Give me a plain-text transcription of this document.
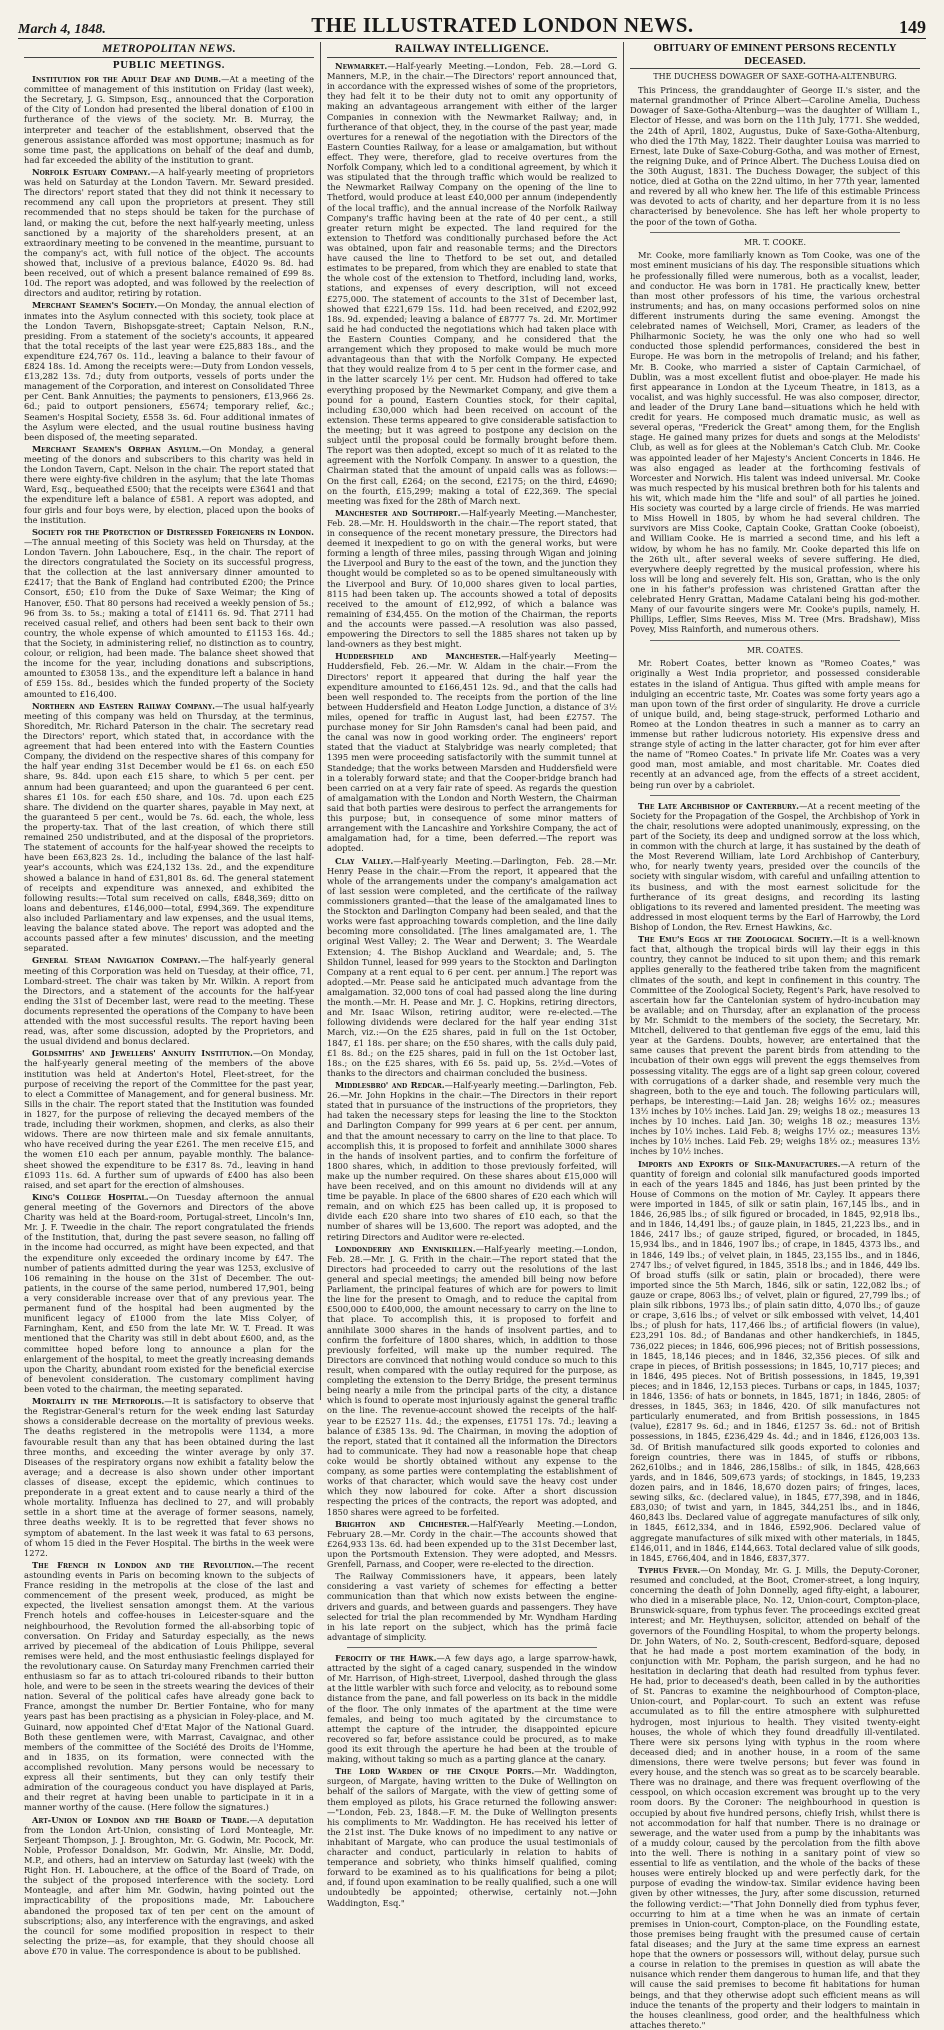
March 4, 1848.	THE ILLUSTRATED LONDON NEWS.	149
METROPOLITAN NEWS.
PUBLIC MEETINGS.

Institution for the Adult Deaf and Dumb.—At a meeting of the committee of management of this institution on Friday (last week), the Secretary, J. G. Simpson, Esq., announced that the Corporation of the City of London had presented the liberal donation of £100 in furtherance of the views of the society. Mr. B. Murray, the interpreter and teacher of the establishment, observed that the generous assistance afforded was most opportune; inasmuch as for some time past, the applications on behalf of the deaf and dumb, had far exceeded the ability of the institution to grant.

Norfolk Estuary Company.—A half-yearly meeting of proprietors was held on Saturday at the London Tavern. Mr. Seward presided. The directors' report stated that they did not think it necessary to recommend any call upon the proprietors at present. They still recommended that no steps should be taken for the purchase of land, or making the cut, before the next half-yearly meeting, unless sanctioned by a majority of the shareholders present, at an extraordinary meeting to be convened in the meantime, pursuant to the company's act, with full notice of the object. The accounts showed that, inclusive of a previous balance, £4020 9s. 8d. had been received, out of which a present balance remained of £99 8s. 10d. The report was adopted, and was followed by the reelection of directors and auditor, retiring by rotation.

Merchant Seamen's Society.—On Monday, the annual election of inmates into the Asylum connected with this society, took place at the London Tavern, Bishopsgate-street; Captain Nelson, R.N., presiding. From a statement of the society's accounts, it appeared that the total receipts of the last year were £25,883 18s., and the expenditure £24,767 0s. 11d., leaving a balance to their favour of £824 18s. 1d. Among the receipts were:—Duty from London vessels, £13,282 13s. 7d.; duty from outports, vessels of ports under the management of the Corporation, and interest on Consolidated Three per Cent. Bank Annuities; the payments to pensioners, £13,966 2s. 6d.; paid to outport pensioners, £5674; temporary relief, &c.; Seamen's Hospital Society, £558 3s. 6d. Four additional inmates of the Asylum were elected, and the usual routine business having been disposed of, the meeting separated.

Merchant Seamen's Orphan Asylum.—On Monday, a general meeting of the donors and subscribers to this charity was held in the London Tavern, Capt. Nelson in the chair. The report stated that there were eighty-five children in the asylum; that the late Thomas Ward, Esq., bequeathed £500; that the receipts were £3641 and that the expenditure left a balance of £581. A report was adopted, and four girls and four boys were, by election, placed upon the books of the institution.

Society for the Protection of Distressed Foreigners in London.—The annual meeting of this Society was held on Thursday, at the London Tavern. John Labouchere, Esq., in the chair. The report of the directors congratulated the Society on its successful progress, that the collection at the last anniversary dinner amounted to £2417; that the Bank of England had contributed £200; the Prince Consort, £50; £10 from the Duke of Saxe Weimar; the King of Hanover, £50. That 80 persons had received a weekly pension of 5s.; 96 from 3s. to 5s.; making a total of £1411 6s. 9d. That 2711 had received casual relief, and others had been sent back to their own country, the whole expense of which amounted to £1153 16s. 4d.; that the Society, in administering relief, no distinction as to country, colour, or religion, had been made. The balance sheet showed that the income for the year, including donations and subscriptions, amounted to £3058 13s., and the expenditure left a balance in hand of £59 15s. 8d., besides which the funded property of the Society amounted to £16,400.

Northern and Eastern Railway Company.—The usual half-yearly meeting of this company was held on Thursday, at the terminus, Shoreditch, Mr. Richard Paterson in the chair. The secretary read the Directors' report, which stated that, in accordance with the agreement that had been entered into with the Eastern Counties Company, the dividend on the respective shares of this company for the half year ending 31st December would be £1 6s. on each £50 share, 9s. 84d. upon each £15 share, to which 5 per cent. per annum had been guaranteed; and upon the guaranteed 6 per cent. shares £1 10s. for each £50 share, and 10s. 7d. upon each £25 share. The dividend on the quarter shares, payable in May next, at the guaranteed 5 per cent., would be 7s. 6d. each, the whole, less the property-tax. That of the last creation, of which there still remained 250 undistributed, and at the disposal of the proprietors. The statement of accounts for the half-year showed the receipts to have been £63,823 2s. 1d., including the balance of the last half-year's accounts, which was £24,132 13s. 2d., and the expenditure showed a balance in hand of £31,801 8s. 6d. The general statement of receipts and expenditure was annexed, and exhibited the following results:—Total sum received on calls, £848,369; ditto on loans and debentures, £146,000—total, £994,369. The expenditure also included Parliamentary and law expenses, and the usual items, leaving the balance stated above. The report was adopted and the accounts passed after a few minutes' discussion, and the meeting separated.

General Steam Navigation Company.—The half-yearly general meeting of this Corporation was held on Tuesday, at their office, 71, Lombard-street. The chair was taken by Mr. Wilkin. A report from the Directors, and a statement of the accounts for the half-year ending the 31st of December last, were read to the meeting. These documents represented the operations of the Company to have been attended with the most successful results. The report having been read, was, after some discussion, adopted by the Proprietors, and the usual dividend and bonus declared.

Goldsmiths' and Jewellers' Annuity Institution.—On Monday, the half-yearly general meeting of the members of the above institution was held at Anderton's Hotel, Fleet-street, for the purpose of receiving the report of the Committee for the past year, to elect a Committee of Management, and for general business. Mr. Sills in the chair. The report stated that the Institution was founded in 1827, for the purpose of relieving the decayed members of the trade, including their workmen, shopmen, and clerks, as also their widows. There are now thirteen male and six female annuitants, who have received during the year £261. The men receive £15, and the women £10 each per annum, payable monthly. The balance-sheet showed the expenditure to be £317 8s. 7d., leaving in hand £1093 11s. 6d. A further sum of upwards of £400 has also been raised, and set apart for the erection of almshouses.

King's College Hospital.—On Tuesday afternoon the annual general meeting of the Governors and Directors of the above Charity was held at the Board-room, Portugal-street, Lincoln's Inn, Mr. J. F. Tweedie in the chair. The report congratulated the friends of the Institution, that, during the past severe season, no falling off in the income had occurred, as might have been expected, and that the expenditure only exceeded the ordinary income by £47. The number of patients admitted during the year was 1253, exclusive of 106 remaining in the house on the 31st of December. The out-patients, in the course of the same period, numbered 17,901, being a very considerable increase over that of any previous year. The permanent fund of the hospital had been augmented by the munificent legacy of £1000 from the late Miss Colyer, of Farningham, Kent, and £50 from the late Mr. W. T. Fread. It was mentioned that the Charity was still in debt about £600, and, as the committee hoped before long to announce a plan for the enlargement of the hospital, to meet the greatly increasing demands upon the Charity, abundant room existed for the beneficial exercise of benevolent consideration. The customary compliment having been voted to the chairman, the meeting separated.

Mortality in the Metropolis.—It is satisfactory to observe that the Registrar-General's return for the week ending last Saturday shows a considerable decrease on the mortality of previous weeks. The deaths registered in the metropolis were 1134, a more favourable result than any that has been obtained during the last three months, and exceeding the winter average by only 37. Diseases of the respiratory organs now exhibit a fatality below the average; and a decrease is also shown under other important classes of disease, except the epidemic, which continues to preponderate in a great extent and to cause nearly a third of the whole mortality. Influenza has declined to 27, and will probably settle in a short time at the average of former seasons, namely, three deaths weekly. It is to be regretted that fever shows no symptom of abatement. In the last week it was fatal to 63 persons, of whom 15 died in the Fever Hospital. The births in the week were 1272.

The French in London and the Revolution.—The recent astounding events in Paris on becoming known to the subjects of France residing in the metropolis at the close of the last and commencement of the present week, produced, as might be expected, the liveliest sensation amongst them. At the various French hotels and coffee-houses in Leicester-square and the neighbourhood, the Revolution formed the all-absorbing topic of conversation. On Friday and Saturday especially, as the news arrived by piecemeal of the abdication of Louis Philippe, several remises were held, and the most enthusiastic feelings displayed for the revolutionary cause. On Saturday many Frenchmen carried their enthusiasm so far as to attach tri-coloured ribands to their button hole, and were to be seen in the streets wearing the devices of their nation. Several of the political cafes have already gone back to France, amongst the number Dr. Bertier Fontaine, who for many years past has been practising as a physician in Foley-place, and M. Guinard, now appointed Chef d'Etat Major of the National Guard. Both these gentlemen were, with Marrast, Cavaignac, and other members of the committee of the Société des Droits de l'Homme, and in 1835, on its formation, were connected with the accomplished revolution. Many persons would be necessary to express all their sentiments, but they can only testify their admiration of the courageous conduct you have displayed at Paris, and their regret at having been unable to participate in it in a manner worthy of the cause. (Here follow the signatures.)

Art-Union of London and the Board of Trade.—A deputation from the London Art-Union, consisting of Lord Monteagle, Mr. Serjeant Thompson, J. J. Broughton, Mr. G. Godwin, Mr. Pocock, Mr. Noble, Professor Donaldson, Mr. Godwin, Mr. Ainslie, Mr. Dodd, M.P., and others, had an interview on Saturday last (week) with the Right Hon. H. Labouchere, at the office of the Board of Trade, on the subject of the proposed interference with the society. Lord Monteagle, and after him Mr. Godwin, having pointed out the impracticability of the propositions made, Mr. Labouchere abandoned the proposed tax of ten per cent on the amount of subscriptions; also, any interference with the engravings, and asked the council for some modified proposition in respect to their selecting the prize—as, for example, that they should choose all above £70 in value. The correspondence is about to be published.

RAILWAY INTELLIGENCE.

Newmarket.—Half-yearly Meeting.—London, Feb. 28.—Lord G. Manners, M.P., in the chair.—The Directors' report announced that, in accordance with the expressed wishes of some of the proprietors, they had felt it to be their duty not to omit any opportunity of making an advantageous arrangement with either of the larger Companies in connexion with the Newmarket Railway; and, in furtherance of that object, they, in the course of the past year, made overtures for a renewal of the negotiation with the Directors of the Eastern Counties Railway, for a lease or amalgamation, but without effect. They were, therefore, glad to receive overtures from the Norfolk Company, which led to a conditional agreement, by which it was stipulated that the through traffic which would be realized to the Newmarket Railway Company on the opening of the line to Thetford, would produce at least £40,000 per annum (independently of the local traffic), and the annual increase of the Norfolk Railway Company's traffic having been at the rate of 40 per cent., a still greater return might be expected. The land required for the extension to Thetford was conditionally purchased before the Act was obtained, upon fair and reasonable terms; and the Directors have caused the line to Thetford to be set out, and detailed estimates to be prepared, from which they are enabled to state that the whole cost of the extension to Thetford, including land, works, stations, and expenses of every description, will not exceed £275,000. The statement of accounts to the 31st of December last, showed that £221,679 15s. 11d. had been received, and £202,992 18s. 9d. expended; leaving a balance of £8777 7s. 2d. Mr. Mortimer said he had conducted the negotiations which had taken place with the Eastern Counties Company, and he considered that the arrangement which they proposed to make would be much more advantageous than that with the Norfolk Company. He expected that they would realize from 4 to 5 per cent in the former case, and in the latter scarcely 1½ per cent. Mr. Hudson had offered to take everything proposed by the Newmarket Company, and give them a pound for a pound, Eastern Counties stock, for their capital, including £30,000 which had been received on account of the extension. These terms appeared to give considerable satisfaction to the meeting; but it was agreed to postpone any decision on the subject until the proposal could be formally brought before them. The report was then adopted, except so much of it as related to the agreement with the Norfolk Company. In answer to a question, the Chairman stated that the amount of unpaid calls was as follows:—On the first call, £264; on the second, £2175; on the third, £4690; on the fourth, £15,299; making a total of £22,369. The special meeting was fixed for the 28th of March next.

Manchester and Southport.—Half-yearly Meeting.—Manchester, Feb. 28.—Mr. H. Houldsworth in the chair.—The report stated, that in consequence of the recent monetary pressure, the Directors had deemed it inexpedient to go on with the general works, but were forming a length of three miles, passing through Wigan and joining the Liverpool and Bury to the east of the town, and the junction they thought would be completed so as to be opened simultaneously with the Liverpool and Bury. Of 10,000 shares given to local parties, 8115 had been taken up. The accounts showed a total of deposits received to the amount of £12,992, of which a balance was remaining of £34,455. On the motion of the Chairman, the reports and the accounts were passed.—A resolution was also passed, empowering the Directors to sell the 1885 shares not taken up by land-owners as they best might.

Huddersfield and Manchester.—Half-yearly Meeting—Huddersfield, Feb. 26.—Mr. W. Aldam in the chair.—From the Directors' report it appeared that during the half year the expenditure amounted to £166,451 12s. 9d., and that the calls had been well responded to. The receipts from the portion of the line between Huddersfield and Heaton Lodge Junction, a distance of 3½ miles, opened for traffic in August last, had been £2757. The purchase money for Sir John Ramsden's canal had been paid, and the canal was now in good working order. The engineers' report stated that the viaduct at Stalybridge was nearly completed; that 1395 men were proceeding satisfactorily with the summit tunnel at Standedge; that the works between Marsden and Huddersfield were in a tolerably forward state; and that the Cooper-bridge branch had been carried on at a very fair rate of speed. As regards the question of amalgamation with the London and North Western, the Chairman said that both parties were desirous to perfect the arrangements for this purpose; but, in consequence of some minor matters of arrangement with the Lancashire and Yorkshire Company, the act of amalgamation had, for a time, been deferred.—The report was adopted.

Clay Valley.—Half-yearly Meeting.—Darlington, Feb. 28.—Mr. Henry Pease in the chair.—From the report, it appeared that the whole of the arrangements under the company's amalgamation act of last session were completed, and the certificate of the railway commissioners granted—that the lease of the amalgamated lines to the Stockton and Darlington Company had been sealed, and that the works were fast approaching towards completion, and the line daily becoming more consolidated. [The lines amalgamated are, 1. The original West Valley; 2. The Wear and Derwent; 3. The Weardale Extension; 4. The Bishop Auckland and Weardale; and, 5. The Shildon Tunnel, leased for 999 years to the Stockton and Darlington Company at a rent equal to 6 per cent. per annum.] The report was adopted.—Mr. Pease said he anticipated much advantage from the amalgamation. 32,000 tons of coal had passed along the line during the month.—Mr. H. Pease and Mr. J. C. Hopkins, retiring directors, and Mr. Isaac Wilson, retiring auditor, were re-elected.—The following dividends were declared for the half year ending 31st March, viz.:—On the £25 shares, paid in full on the 1st October, 1847, £1 18s. per share; on the £50 shares, with the calls duly paid, £1 8s. 8d.; on the £25 shares, paid in full on the 1st October last, 18s.; on the £25 shares, with £6 5s. paid up, 5s. 2½d.—Votes of thanks to the directors and chairman concluded the business.

Middlesbro' and Redcar.—Half-yearly meeting.—Darlington, Feb. 26.—Mr. John Hopkins in the chair.—The Directors in their report stated that in pursuance of the instructions of the proprietors, they had taken the necessary steps for leasing the line to the Stockton and Darlington Company for 999 years at 6 per cent. per annum, and that the amount necessary to carry on the line to that place. To accomplish this, it is proposed to forfeit and annihilate 3000 shares in the hands of insolvent parties, and to confirm the forfeiture of 1800 shares, which, in addition to those previously forfeited, will make up the number required. On these shares about £15,000 will have been received, and on this amount no dividends will at any time be payable. In place of the 6800 shares of £20 each which will remain, and on which £25 has been called up, it is proposed to divide each £20 share into two shares of £10 each, so that the number of shares will be 13,600. The report was adopted, and the retiring Directors and Auditor were re-elected.

Londonderry and Enniskillen.—Half-yearly meeting.—London, Feb. 28.—Mr. J. G. Frith in the chair.—The report stated that the Directors had proceeded to carry out the resolutions of the last general and special meetings; the amended bill being now before Parliament, the principal features of which are for powers to limit the line for the present to Omagh, and to reduce the capital from £500,000 to £400,000, the amount necessary to carry on the line to that place. To accomplish this, it is proposed to forfeit and annihilate 3000 shares in the hands of insolvent parties, and to confirm the forfeiture of 1800 shares, which, in addition to those previously forfeited, will make up the number required. The Directors are convinced that nothing would conduce so much to this result, when compared with the outlay required for the purpose, as completing the extension to the Derry Bridge, the present terminus being nearly a mile from the principal parts of the city, a distance which is found to operate most injuriously against the general traffic on the line. The revenue-account showed the receipts of the half-year to be £2527 11s. 4d.; the expenses, £1751 17s. 7d.; leaving a balance of £385 13s. 9d. The Chairman, in moving the adoption of the report, stated that it contained all the information the Directors had to communicate. They had now a reasonable hope that cheap coke would be shortly obtained without any expense to the company, as some parties were contemplating the establishment of works of that character, which would save the heavy cost under which they now laboured for coke. After a short discussion respecting the prices of the contracts, the report was adopted, and 1850 shares were agreed to be forfeited.

Brighton and Chichester.—Half-Yearly Meeting.—London, February 28.—Mr. Cordy in the chair.—The accounts showed that £264,933 13s. 6d. had been expended up to the 31st December last, upon the Portsmouth Extension. They were adopted, and Messrs. Grenfell, Parnass, and Cooper, were re-elected to the direction.

The Railway Commissioners have, it appears, been lately considering a vast variety of schemes for effecting a better communication than that which now exists between the engine-drivers and guards, and between guards and passengers. They have selected for trial the plan recommended by Mr. Wyndham Harding in his late report on the subject, which has the primâ facie advantage of simplicity.

Ferocity of the Hawk.—A few days ago, a large sparrow-hawk, attracted by the sight of a caged canary, suspended in the window of Mr. Harrison, of High-street, Liverpool, dashed through the glass at the little warbler with such force and velocity, as to rebound some distance from the pane, and fall powerless on its back in the middle of the floor. The only inmates of the apartment at the time were females, and being too much agitated by the circumstance to attempt the capture of the intruder, the disappointed epicure recovered so far, before assistance could be procured, as to make good its exit through the aperture he had been at the trouble of making, without taking so much as a parting glance at the canary.

The Lord Warden of the Cinque Ports.—Mr. Waddington, surgeon, of Margate, having written to the Duke of Wellington on behalf of the sailors of Margate, with the view of getting some of them employed as pilots, his Grace returned the following answer:—"London, Feb. 23, 1848.—F. M. the Duke of Wellington presents his compliments to Mr. Waddington. He has received his letter of the 21st inst. The Duke knows of no impediment to any native or inhabitant of Margate, who can produce the usual testimonials of character and conduct, particularly in relation to habits of temperance and sobriety, who thinks himself qualified, coming forward to be examined as to his qualifications for being a pilot; and, if found upon examination to be really qualified, such a one will undoubtedly be appointed; otherwise, certainly not.—John Waddington, Esq."

OBITUARY OF EMINENT PERSONS RECENTLY DECEASED.
THE DUCHESS DOWAGER OF SAXE-GOTHA-ALTENBURG.

This Princess, the granddaughter of George II.'s sister, and the maternal grandmother of Prince Albert—Caroline Amelia, Duchess Dowager of Saxe-Gotha-Altenburg—was the daughter of William I., Elector of Hesse, and was born on the 11th July, 1771. She wedded, the 24th of April, 1802, Augustus, Duke of Saxe-Gotha-Altenburg, who died the 17th May, 1822. Their daughter Louisa was married to Ernest, late Duke of Saxe-Coburg-Gotha, and was mother of Ernest, the reigning Duke, and of Prince Albert. The Duchess Louisa died on the 30th August, 1831. The Duchess Dowager, the subject of this notice, died at Gotha on the 22nd ultimo, in her 77th year, lamented and revered by all who knew her. The life of this estimable Princess was devoted to acts of charity, and her departure from it is no less characterised by benevolence. She has left her whole property to the poor of the town of Gotha.

MR. T. COOKE.

Mr. Cooke, more familiarly known as Tom Cooke, was one of the most eminent musicians of his day. The responsible situations which he professionally filled were numerous, both as a vocalist, leader, and conductor. He was born in 1781. He practically knew, better than most other professors of his time, the various orchestral instruments; and has, on many occasions performed solos on nine different instruments during the same evening. Amongst the celebrated names of Weichsell, Mori, Cramer, as leaders of the Philharmonic Society, he was the only one who had so well conducted those splendid performances, considered the best in Europe. He was born in the metropolis of Ireland; and his father, Mr. B. Cooke, who married a sister of Captain Carmichael, of Dublin, was a most excellent flutist and oboe-player. He made his first appearance in London at the Lyceum Theatre, in 1813, as a vocalist, and was highly successful. He was also composer, director, and leader of the Drury Lane band—situations which he held with credit for years. He composed much dramatic music, as well as several operas, "Frederick the Great" among them, for the English stage. He gained many prizes for duets and songs at the Melodists' Club, as well as for glees at the Nobleman's Catch Club. Mr. Cooke was appointed leader of her Majesty's Ancient Concerts in 1846. He was also engaged as leader at the forthcoming festivals of Worcester and Norwich. His talent was indeed universal. Mr. Cooke was much respected by his musical brethren both for his talents and his wit, which made him the "life and soul" of all parties he joined. His society was courted by a large circle of friends. He was married to Miss Howell in 1805, by whom he had several children. The survivors are Miss Cooke, Captain Cooke, Grattan Cooke (oboeist), and William Cooke. He is married a second time, and his left a widow, by whom he has no family. Mr. Cooke departed this life on the 26th ult., after several weeks of severe suffering. He died, everywhere deeply regretted by the musical profession, where his loss will be long and severely felt. His son, Grattan, who is the only one in his father's profession was christened Grattan after the celebrated Henry Grattan, Madame Catalani being his god-mother. Many of our favourite singers were Mr. Cooke's pupils, namely, H. Phillips, Leffler, Sims Reeves, Miss M. Tree (Mrs. Bradshaw), Miss Povey, Miss Rainforth, and numerous others.

MR. COATES.

Mr. Robert Coates, better known as "Romeo Coates," was originally a West India proprietor, and possessed considerable estates in the island of Antigua. Thus gifted with ample means for indulging an eccentric taste, Mr. Coates was some forty years ago a man upon town of the first order of singularity. He drove a curricle of unique build, and, being stage-struck, performed Lothario and Romeo at the London theatres in such a manner as to carry an immense but rather ludicrous notoriety. His expensive dress and strange style of acting in the latter character, got for him ever after the name of "Romeo Coates." In private life Mr. Coates was a very good man, most amiable, and most charitable. Mr. Coates died recently at an advanced age, from the effects of a street accident, being run over by a cabriolet.

The Late Archbishop of Canterbury.—At a recent meeting of the Society for the Propagation of the Gospel, the Archbishop of York in the chair, resolutions were adopted unanimously, expressing, on the part of the Society, its deep and undigned sorrow at the loss which, in common with the church at large, it has sustained by the death of the Most Reverend William, late Lord Archbishop of Canterbury, who, for nearly twenty years, presided over the councils of the society with singular wisdom, with careful and unfailing attention to its business, and with the most earnest solicitude for the furtherance of its great designs, and recording its lasting obligations to its revered and lamented president. The meeting was addressed in most eloquent terms by the Earl of Harrowby, the Lord Bishop of London, the Rev. Ernest Hawkins, &c.

The Emu's Eggs at the Zoological Society.—It is a well-known fact that, although the tropical birds will lay their eggs in this country, they cannot be induced to sit upon them; and this remark applies generally to the feathered tribe taken from the magnificent climates of the south, and kept in confinement in this country. The Committee of the Zoological Society, Regent's Park, have resolved to ascertain how far the Cantelonian system of hydro-incubation may be available; and on Thursday, after an explanation of the process by Mr. Schmidt to the members of the society, the Secretary, Mr. Mitchell, delivered to that gentleman five eggs of the emu, laid this year at the Gardens. Doubts, however, are entertained that the same causes that prevent the parent birds from attending to the incubation of their own eggs will prevent the eggs themselves from possessing vitality. The eggs are of a light sap green colour, covered with corrugations of a darker shade, and resemble very much the shagreen, both to the eye and touch. The following particulars will, perhaps, be interesting:—Laid Jan. 28; weighs 16½ oz.; measures 13½ inches by 10½ inches. Laid Jan. 29; weighs 18 oz.; measures 13 inches by 10 inches. Laid Jan. 30; weighs 18 oz.; measures 13½ inches by 10½ inches. Laid Feb. 8; weighs 17½ oz.; measures 13½ inches by 10½ inches. Laid Feb. 29; weighs 18½ oz.; measures 13½ inches by 10½ inches.

Imports and Exports of Silk-Manufactures.—A return of the quantity of foreign and colonial silk manufactured goods imported in each of the years 1845 and 1846, has just been printed by the House of Commons on the motion of Mr. Cayley. It appears there were imported in 1845, of silk or satin plain, 167,145 lbs., and in 1846, 26,985 lbs.; of silk figured or brocaded, in 1845, 92,918 lbs., and in 1846, 14,491 lbs.; of gauze plain, in 1845, 21,223 lbs., and in 1846, 2417 lbs.; of gauze striped, figured, or brocaded, in 1845, 15,934 lbs., and in 1846, 1907 lbs.; of crape, in 1845, 4373 lbs., and in 1846, 149 lbs.; of velvet plain, in 1845, 23,155 lbs., and in 1846, 2747 lbs.; of velvet figured, in 1845, 3518 lbs.; and in 1846, 449 lbs. Of broad stuffs (silk or satin, plain or brocaded), there were imported since the 5th March, 1846, silk or satin, 122,082 lbs.; of gauze or crape, 8063 lbs.; of velvet, plain or figured, 27,799 lbs.; of plain silk ribbons, 1973 lbs.; of plain satin ditto, 4,070 lbs.; of gauze or crape, 3,616 lbs.; of velvet or silk embossed with velvet, 14,401 lbs.; of plush for hats, 117,466 lbs.; of artificial flowers (in value), £23,291 10s. 8d.; of Bandanas and other handkerchiefs, in 1845, 736,022 pieces; in 1846, 606,996 pieces; not of British possessions, in 1845, 18,146 pieces; and in 1846, 32,356 pieces. Of silk and crape in pieces, of British possessions; in 1845, 10,717 pieces; and in 1846, 495 pieces. Not of British possessions, in 1845, 19,391 pieces; and in 1846, 12,153 pieces. Turbans or caps, in 1845, 1037; in 1846, 1356: of hats or bonnets, in 1845, 1871; in 1846, 2805: of dresses, in 1845, 363; in 1846, 420. Of silk manufactures not particularly enumerated, and from British possessions, in 1845 (value), £2817 9s. 6d.; and in 1846, £1257 3s. 6d.: not of British possessions, in 1845, £236,429 4s. 4d.; and in 1846, £126,003 13s. 3d. Of British manufactured silk goods exported to colonies and foreign countries, there was in 1845, of stuffs or ribbons, 262,610lbs.; and in 1846, 286,158lbs.: of silk, in 1845, 428,663 yards, and in 1846, 509,673 yards; of stockings, in 1845, 19,233 dozen pairs, and in 1846, 18,670 dozen pairs; of fringes, laces, sewing silks, &c. (declared value), in 1845, £77,398, and in 1846, £83,030; of twist and yarn, in 1845, 344,251 lbs., and in 1846, 460,843 lbs. Declared value of aggregate manufactures of silk only, in 1845, £612,334, and in 1846, £592,906. Declared value of aggregate manufactures of silk mixed with other materials, in 1845, £146,011, and in 1846, £144,663. Total declared value of silk goods, in 1845, £766,404, and in 1846, £837,377.

Typhus Fever.—On Monday, Mr. G. J. Mills, the Deputy-Coroner, resumed and concluded, at the Boot, Cromer-street, a long inquiry, concerning the death of John Donnelly, aged fifty-eight, a labourer, who died in a miserable place, No. 12, Union-court, Compton-place, Brunswick-square, from typhus fever. The proceedings excited great interest; and Mr. Heythuysen, solicitor, attended on behalf of the governors of the Foundling Hospital, to whom the property belongs. Dr. John Waters, of No. 2, South-crescent, Bedford-square, deposed that he had made a post mortem examination of the body, in conjunction with Mr. Popham, the parish surgeon, and he had no hesitation in declaring that death had resulted from typhus fever. He had, prior to deceased's death, been called in by the authorities of St. Pancras to examine the neighbourhood of Compton-place, Union-court, and Poplar-court. To such an extent was refuse accumulated as to fill the entire atmosphere with sulphuretted hydrogen, most injurious to health. They visited twenty-eight houses, the whole of which they found dreadfully ill-ventilated. There were six persons lying with typhus in the room where deceased died; and in another house, in a room of the same dimensions, there were twelve persons; but fever was found in every house, and the stench was so great as to be scarcely bearable. There was no drainage, and there was frequent overflowing of the cesspool, on which occasion excrement was brought up to the very room doors. By the Coroner: The neighbourhood in question is occupied by about five hundred persons, chiefly Irish, whilst there is not accommodation for half that number. There is no drainage or sewerage, and the water used from a pump by the inhabitants was of a muddy colour, caused by the percolation from the filth above into the well. There is nothing in a sanitary point of view so essential to life as ventilation, and the whole of the backs of these houses were entirely blocked up and were perfectly dark, for the purpose of evading the window-tax. Similar evidence having been given by other witnesses, the Jury, after some discussion, returned the following verdict:—"That John Donnelly died from typhus fever, occurring to him at a time when he was an inmate of certain premises in Union-court, Compton-place, on the Foundling estate, those premises being fraught with the presumed cause of certain fatal diseases; and the Jury at the same time express an earnest hope that the owners or possessors will, without delay, pursue such a course in relation to the premises in question as will abate the nuisance which render them dangerous to human life, and that they will cause the said premises to become fit habitations for human beings, and that they otherwise adopt such efficient means as will induce the tenants of the property and their lodgers to maintain in the houses cleanliness, good order, and the healthfulness which attaches thereto."
